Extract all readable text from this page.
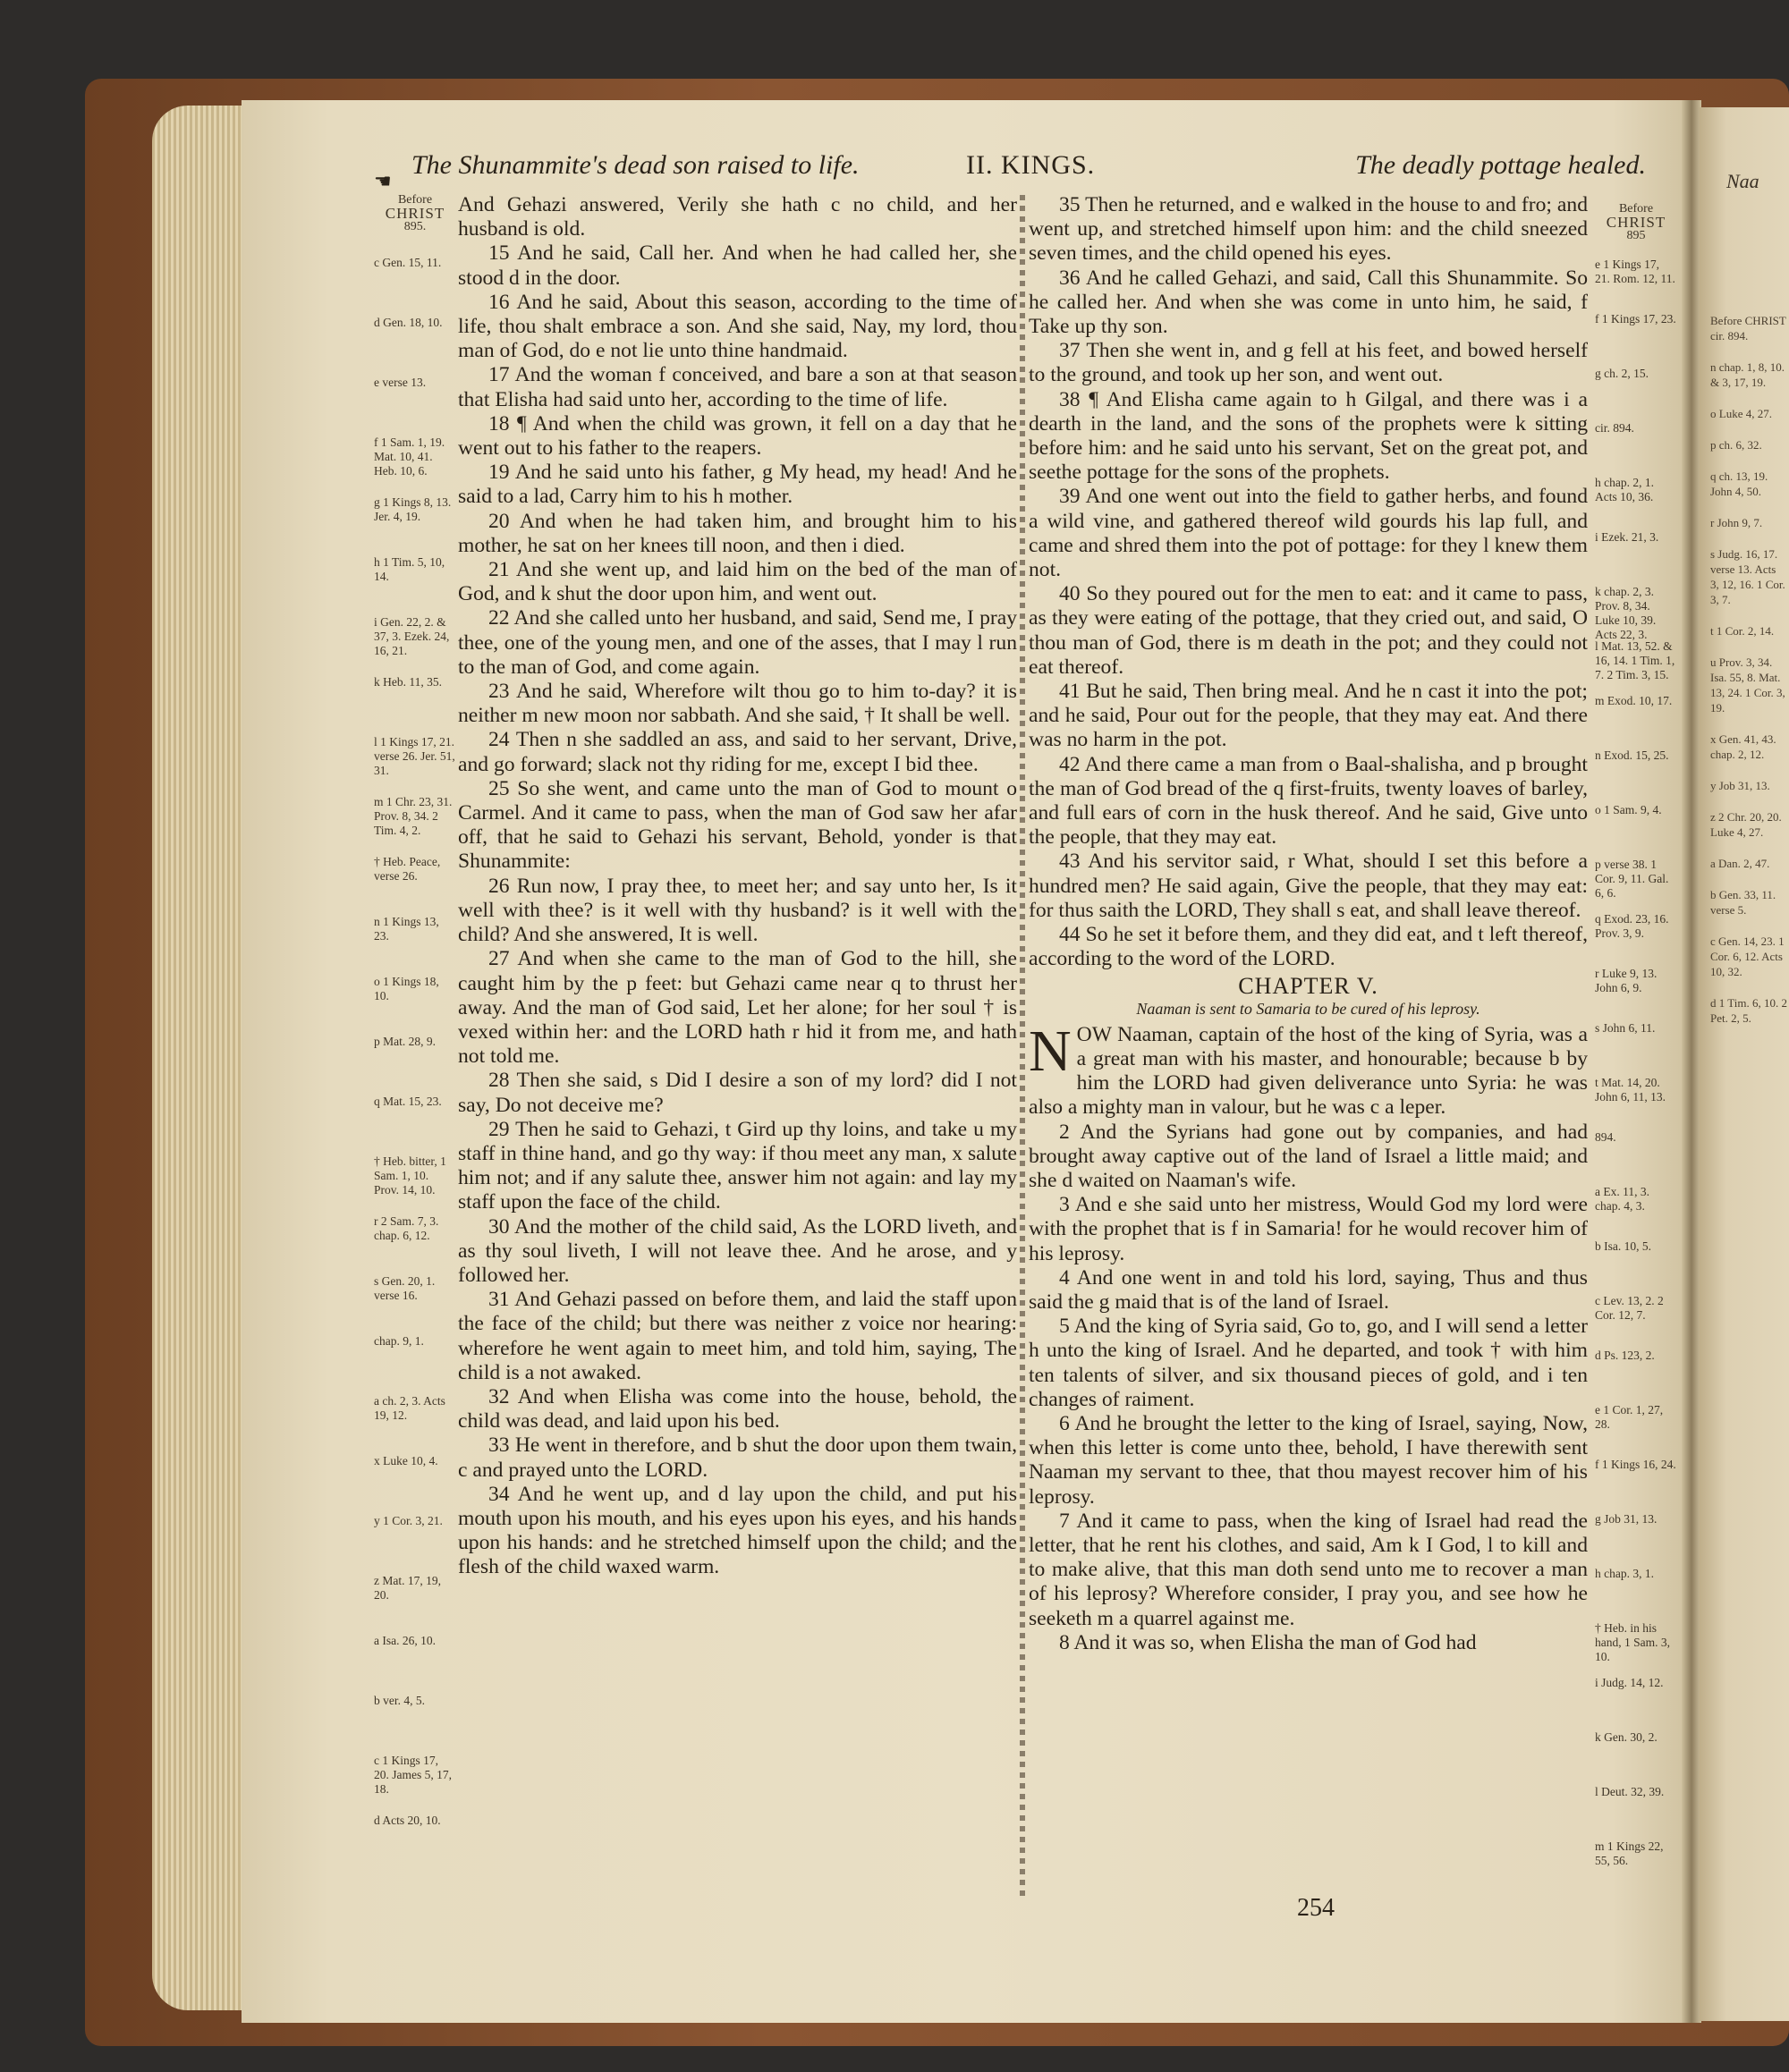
Naa
Before CHRIST cir. 894.
n chap. 1, 8, 10. & 3, 17, 19.
o Luke 4, 27.
p ch. 6, 32.
q ch. 13, 19. John 4, 50.
r John 9, 7.
s Judg. 16, 17. verse 13. Acts 3, 12, 16. 1 Cor. 3, 7.
t 1 Cor. 2, 14.
u Prov. 3, 34. Isa. 55, 8. Mat. 13, 24. 1 Cor. 3, 19.
x Gen. 41, 43. chap. 2, 12.
y Job 31, 13.
z 2 Chr. 20, 20. Luke 4, 27.
a Dan. 2, 47.
b Gen. 33, 11. verse 5.
c Gen. 14, 23. 1 Cor. 6, 12. Acts 10, 32.
d 1 Tim. 6, 10. 2 Pet. 2, 5.
☚
The Shunammite's dead son raised to life.	II. KINGS.	The deadly pottage healed.
Before
CHRIST
895.
c Gen. 15, 11.
d Gen. 18, 10.
e verse 13.
f 1 Sam. 1, 19. Mat. 10, 41. Heb. 10, 6.
g 1 Kings 8, 13. Jer. 4, 19.
h 1 Tim. 5, 10, 14.
i Gen. 22, 2. & 37, 3. Ezek. 24, 16, 21.
k Heb. 11, 35.
l 1 Kings 17, 21. verse 26. Jer. 51, 31.
m 1 Chr. 23, 31. Prov. 8, 34. 2 Tim. 4, 2.
† Heb. Peace, verse 26.
n 1 Kings 13, 23.
o 1 Kings 18, 10.
p Mat. 28, 9.
q Mat. 15, 23.
† Heb. bitter, 1 Sam. 1, 10. Prov. 14, 10.
r 2 Sam. 7, 3. chap. 6, 12.
s Gen. 20, 1. verse 16.
chap. 9, 1.
a ch. 2, 3. Acts 19, 12.
x Luke 10, 4.
y 1 Cor. 3, 21.
z Mat. 17, 19, 20.
a Isa. 26, 10.
b ver. 4, 5.
c 1 Kings 17, 20. James 5, 17, 18.
d Acts 20, 10.

And Gehazi answered, Verily she hath c no child, and her husband is old.

15 And he said, Call her. And when he had called her, she stood d in the door.

16 And he said, About this season, according to the time of life, thou shalt embrace a son. And she said, Nay, my lord, thou man of God, do e not lie unto thine handmaid.

17 And the woman f conceived, and bare a son at that season that Elisha had said unto her, according to the time of life.

18 ¶ And when the child was grown, it fell on a day that he went out to his father to the reapers.

19 And he said unto his father, g My head, my head! And he said to a lad, Carry him to his h mother.

20 And when he had taken him, and brought him to his mother, he sat on her knees till noon, and then i died.

21 And she went up, and laid him on the bed of the man of God, and k shut the door upon him, and went out.

22 And she called unto her husband, and said, Send me, I pray thee, one of the young men, and one of the asses, that I may l run to the man of God, and come again.

23 And he said, Wherefore wilt thou go to him to-day? it is neither m new moon nor sabbath. And she said, † It shall be well.

24 Then n she saddled an ass, and said to her servant, Drive, and go forward; slack not thy riding for me, except I bid thee.

25 So she went, and came unto the man of God to mount o Carmel. And it came to pass, when the man of God saw her afar off, that he said to Gehazi his servant, Behold, yonder is that Shunammite:

26 Run now, I pray thee, to meet her; and say unto her, Is it well with thee? is it well with thy husband? is it well with the child? And she answered, It is well.

27 And when she came to the man of God to the hill, she caught him by the p feet: but Gehazi came near q to thrust her away. And the man of God said, Let her alone; for her soul † is vexed within her: and the LORD hath r hid it from me, and hath not told me.

28 Then she said, s Did I desire a son of my lord? did I not say, Do not deceive me?

29 Then he said to Gehazi, t Gird up thy loins, and take u my staff in thine hand, and go thy way: if thou meet any man, x salute him not; and if any salute thee, answer him not again: and lay my staff upon the face of the child.

30 And the mother of the child said, As the LORD liveth, and as thy soul liveth, I will not leave thee. And he arose, and y followed her.

31 And Gehazi passed on before them, and laid the staff upon the face of the child; but there was neither z voice nor hearing: wherefore he went again to meet him, and told him, saying, The child is a not awaked.

32 And when Elisha was come into the house, behold, the child was dead, and laid upon his bed.

33 He went in therefore, and b shut the door upon them twain, c and prayed unto the LORD.

34 And he went up, and d lay upon the child, and put his mouth upon his mouth, and his eyes upon his eyes, and his hands upon his hands: and he stretched himself upon the child; and the flesh of the child waxed warm.

35 Then he returned, and e walked in the house to and fro; and went up, and stretched himself upon him: and the child sneezed seven times, and the child opened his eyes.

36 And he called Gehazi, and said, Call this Shunammite. So he called her. And when she was come in unto him, he said, f Take up thy son.

37 Then she went in, and g fell at his feet, and bowed herself to the ground, and took up her son, and went out.

38 ¶ And Elisha came again to h Gilgal, and there was i a dearth in the land, and the sons of the prophets were k sitting before him: and he said unto his servant, Set on the great pot, and seethe pottage for the sons of the prophets.

39 And one went out into the field to gather herbs, and found a wild vine, and gathered thereof wild gourds his lap full, and came and shred them into the pot of pottage: for they l knew them not.

40 So they poured out for the men to eat: and it came to pass, as they were eating of the pottage, that they cried out, and said, O thou man of God, there is m death in the pot; and they could not eat thereof.

41 But he said, Then bring meal. And he n cast it into the pot; and he said, Pour out for the people, that they may eat. And there was no harm in the pot.

42 And there came a man from o Baal-shalisha, and p brought the man of God bread of the q first-fruits, twenty loaves of barley, and full ears of corn in the husk thereof. And he said, Give unto the people, that they may eat.

43 And his servitor said, r What, should I set this before a hundred men? He said again, Give the people, that they may eat: for thus saith the LORD, They shall s eat, and shall leave thereof.

44 So he set it before them, and they did eat, and t left thereof, according to the word of the LORD.

CHAPTER V.
Naaman is sent to Samaria to be cured of his leprosy.

N OW Naaman, captain of the host of the king of Syria, was a a great man with his master, and honourable; because b by him the LORD had given deliverance unto Syria: he was also a mighty man in valour, but he was c a leper.

2 And the Syrians had gone out by companies, and had brought away captive out of the land of Israel a little maid; and she d waited on Naaman's wife.

3 And e she said unto her mistress, Would God my lord were with the prophet that is f in Samaria! for he would recover him of his leprosy.

4 And one went in and told his lord, saying, Thus and thus said the g maid that is of the land of Israel.

5 And the king of Syria said, Go to, go, and I will send a letter h unto the king of Israel. And he departed, and took † with him ten talents of silver, and six thousand pieces of gold, and i ten changes of raiment.

6 And he brought the letter to the king of Israel, saying, Now, when this letter is come unto thee, behold, I have therewith sent Naaman my servant to thee, that thou mayest recover him of his leprosy.

7 And it came to pass, when the king of Israel had read the letter, that he rent his clothes, and said, Am k I God, l to kill and to make alive, that this man doth send unto me to recover a man of his leprosy? Wherefore consider, I pray you, and see how he seeketh m a quarrel against me.

8 And it was so, when Elisha the man of God had

Before
CHRIST
895
e 1 Kings 17, 21. Rom. 12, 11.
f 1 Kings 17, 23.
g ch. 2, 15.
cir. 894.
h chap. 2, 1. Acts 10, 36.
i Ezek. 21, 3.
k chap. 2, 3. Prov. 8, 34. Luke 10, 39. Acts 22, 3.
l Mat. 13, 52. & 16, 14. 1 Tim. 1, 7. 2 Tim. 3, 15.
m Exod. 10, 17.
n Exod. 15, 25.
o 1 Sam. 9, 4.
p verse 38. 1 Cor. 9, 11. Gal. 6, 6.
q Exod. 23, 16. Prov. 3, 9.
r Luke 9, 13. John 6, 9.
s John 6, 11.
t Mat. 14, 20. John 6, 11, 13.
894.
a Ex. 11, 3. chap. 4, 3.
b Isa. 10, 5.
c Lev. 13, 2. 2 Cor. 12, 7.
d Ps. 123, 2.
e 1 Cor. 1, 27, 28.
f 1 Kings 16, 24.
g Job 31, 13.
h chap. 3, 1.
† Heb. in his hand, 1 Sam. 3, 10.
i Judg. 14, 12.
k Gen. 30, 2.
l Deut. 32, 39.
m 1 Kings 22, 55, 56.
254
